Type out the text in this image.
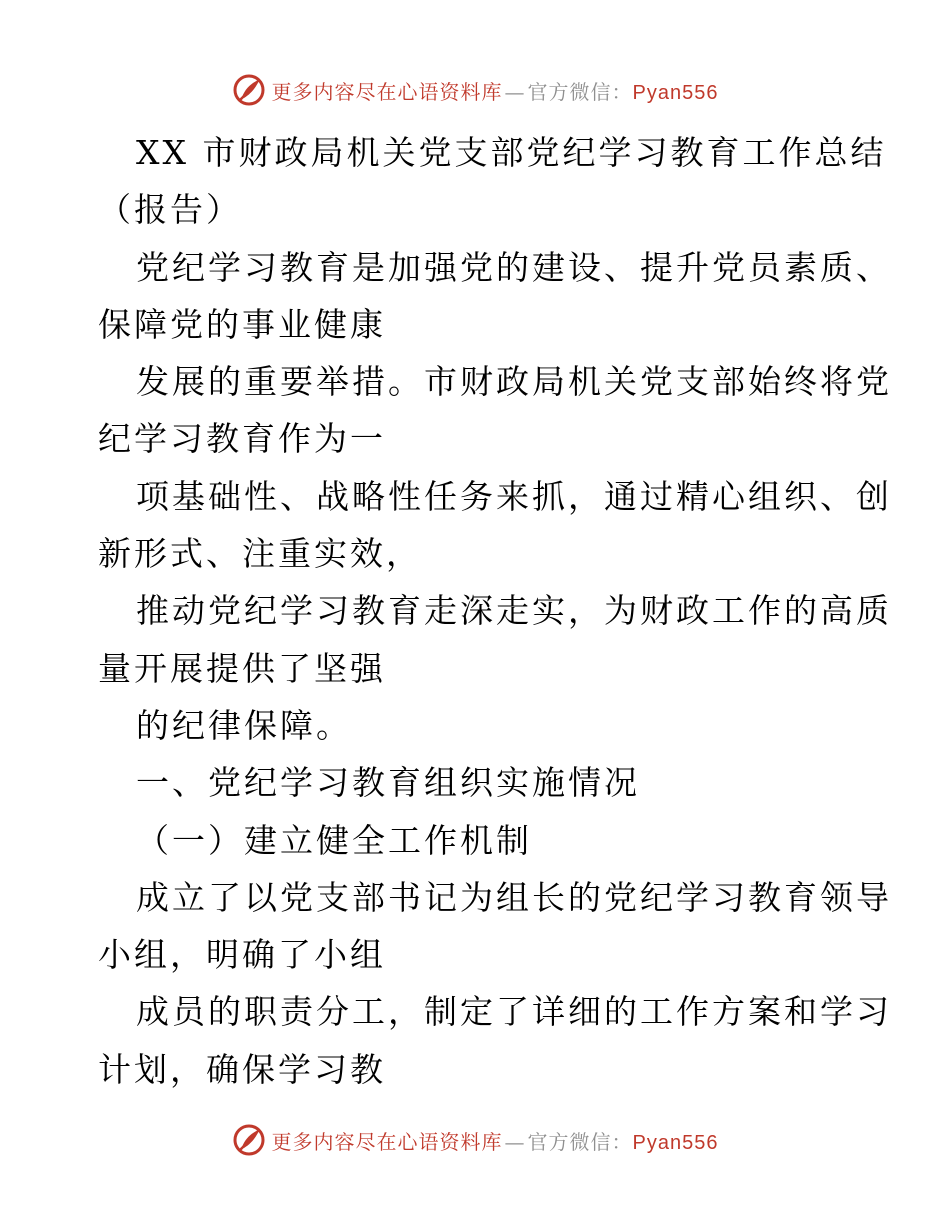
更多内容尽在心语资料库 — 官方微信：Pyan556
XX 市财政局机关党支部党纪学习教育工作总结
（报告）
党纪学习教育是加强党的建设、提升党员素质、
保障党的事业健康
发展的重要举措。市财政局机关党支部始终将党
纪学习教育作为一
项基础性、战略性任务来抓，通过精心组织、创
新形式、注重实效，
推动党纪学习教育走深走实，为财政工作的高质
量开展提供了坚强
的纪律保障。
一、党纪学习教育组织实施情况
（一）建立健全工作机制
成立了以党支部书记为组长的党纪学习教育领导
小组，明确了小组
成员的职责分工，制定了详细的工作方案和学习
计划，确保学习教
更多内容尽在心语资料库 — 官方微信：Pyan556
